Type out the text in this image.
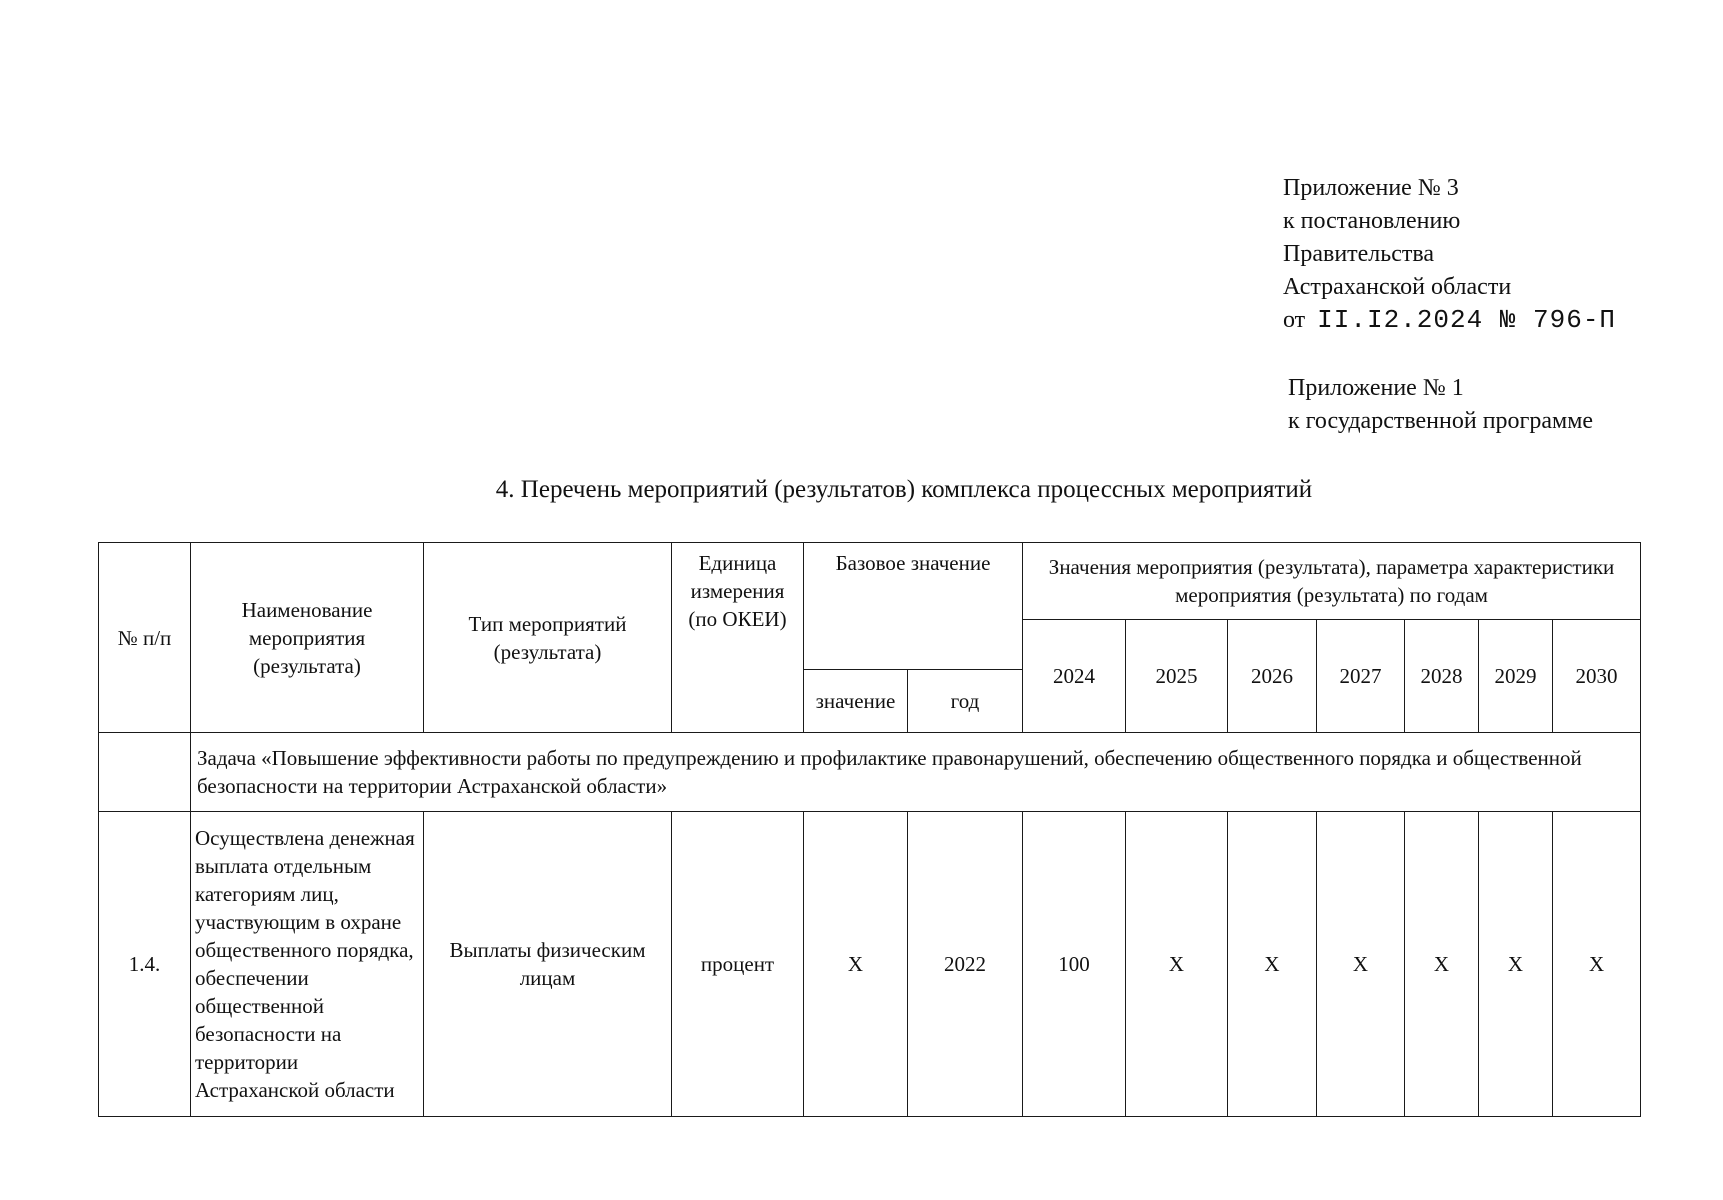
Приложение № 3
к постановлению
Правительства
Астраханской области
от II.I2.2024 № 796-П
Приложение № 1
к государственной программе
4. Перечень мероприятий (результатов) комплекса процессных мероприятий
№ п/п	Наименование мероприятия (результата)	Тип мероприятий (результата)	Единица измерения (по ОКЕИ)	Базовое значение		Значения мероприятия (результата), параметра характеристики мероприятия (результата) по годам						
						2024	2025	2026	2027	2028	2029	2030
				значение	год							
	Задача «Повышение эффективности работы по предупреждению и профилактике правонарушений, обеспечению общественного порядка и общественной безопасности на территории Астраханской области»											
1.4.	Осуществлена денежная выплата отдельным категориям лиц, участвующим в охране общественного порядка, обеспечении общественной безопасности на территории Астраханской области	Выплаты физическим лицам	процент	X	2022	100	X	X	X	X	X	X
